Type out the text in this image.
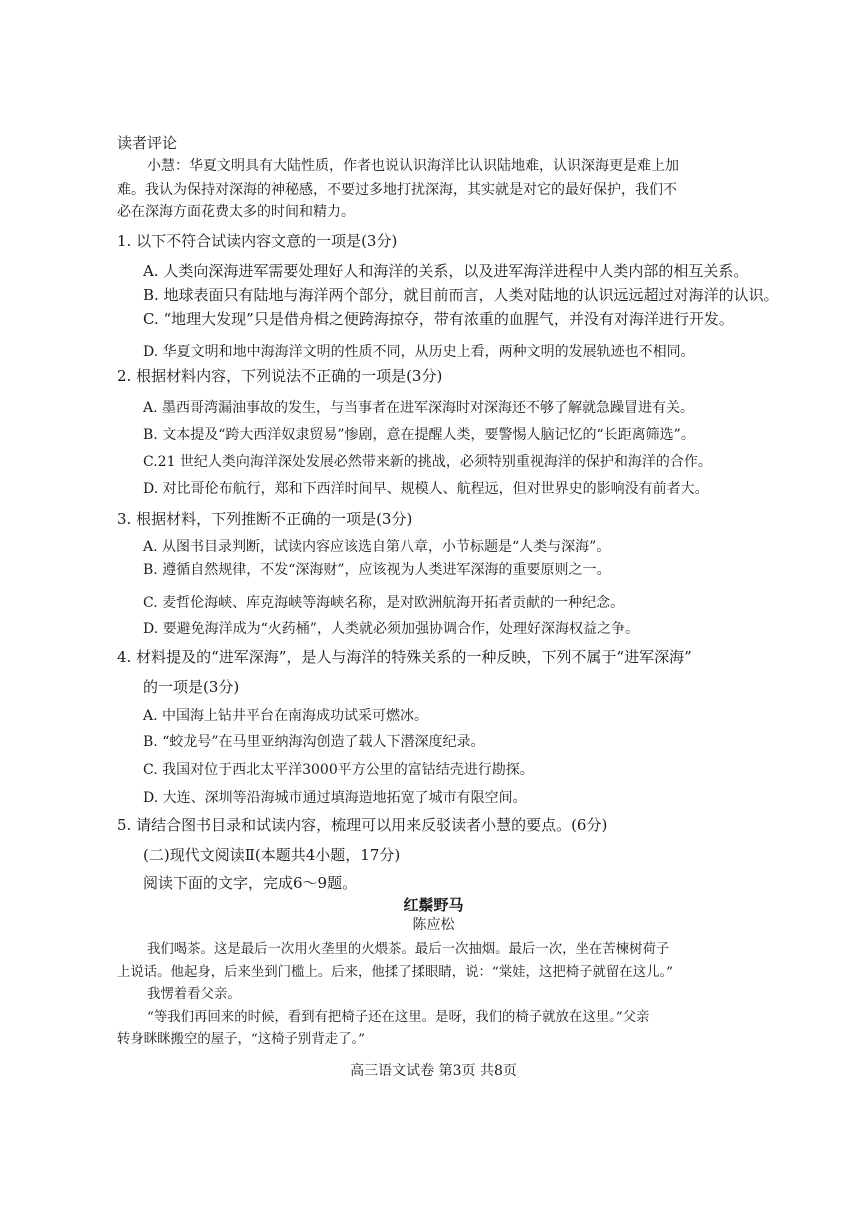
读者评论
小慧：华夏文明具有大陆性质，作者也说认识海洋比认识陆地难，认识深海更是难上加
难。我认为保持对深海的神秘感，不要过多地打扰深海，其实就是对它的最好保护，我们不
必在深海方面花费太多的时间和精力。
1. 以下不符合试读内容文意的一项是(3分)
A. 人类向深海进军需要处理好人和海洋的关系，以及进军海洋进程中人类内部的相互关系。
B. 地球表面只有陆地与海洋两个部分，就目前而言，人类对陆地的认识远远超过对海洋的认识。
C. “地理大发现”只是借舟楫之便跨海掠夺，带有浓重的血腥气，并没有对海洋进行开发。
D. 华夏文明和地中海海洋文明的性质不同，从历史上看，两种文明的发展轨迹也不相同。
2. 根据材料内容，下列说法不正确的一项是(3分)
A. 墨西哥湾漏油事故的发生，与当事者在进军深海时对深海还不够了解就急躁冒进有关。
B. 文本提及“跨大西洋奴隶贸易”惨剧，意在提醒人类，要警惕人脑记忆的“长距离筛选”。
C.21 世纪人类向海洋深处发展必然带来新的挑战，必须特别重视海洋的保护和海洋的合作。
D. 对比哥伦布航行，郑和下西洋时间早、规模人、航程远，但对世界史的影响没有前者大。
3. 根据材料，下列推断不正确的一项是(3分)
A. 从图书目录判断，试读内容应该选自第八章，小节标题是“人类与深海”。
B. 遵循自然规律，不发“深海财”，应该视为人类进军深海的重要原则之一。
C. 麦哲伦海峡、库克海峡等海峡名称，是对欧洲航海开拓者贡献的一种纪念。
D. 要避免海洋成为“火药桶”，人类就必须加强协调合作，处理好深海权益之争。
4. 材料提及的“进军深海”，是人与海洋的特殊关系的一种反映，下列不属于“进军深海”
的一项是(3分)
A. 中国海上钻井平台在南海成功试采可燃冰。
B. “蛟龙号”在马里亚纳海沟创造了载人下潜深度纪录。
C. 我国对位于西北太平洋3000平方公里的富钴结壳进行勘探。
D. 大连、深圳等沿海城市通过填海造地拓宽了城市有限空间。
5. 请结合图书目录和试读内容，梳理可以用来反驳读者小慧的要点。(6分)
(二)现代文阅读Ⅱ(本题共4小题，17分)
阅读下面的文字，完成6～9题。
红鬃野马
陈应松
我们喝茶。这是最后一次用火垄里的火煨茶。最后一次抽烟。最后一次，坐在苦楝树荷子
上说话。他起身，后来坐到门槛上。后来，他揉了揉眼睛，说：“棠娃，这把椅子就留在这儿。”
我愣着看父亲。
“等我们再回来的时候，看到有把椅子还在这里。是呀，我们的椅子就放在这里。”父亲
转身眯眯搬空的屋子，“这椅子别背走了。”
高三语文试卷 第3页 共8页
